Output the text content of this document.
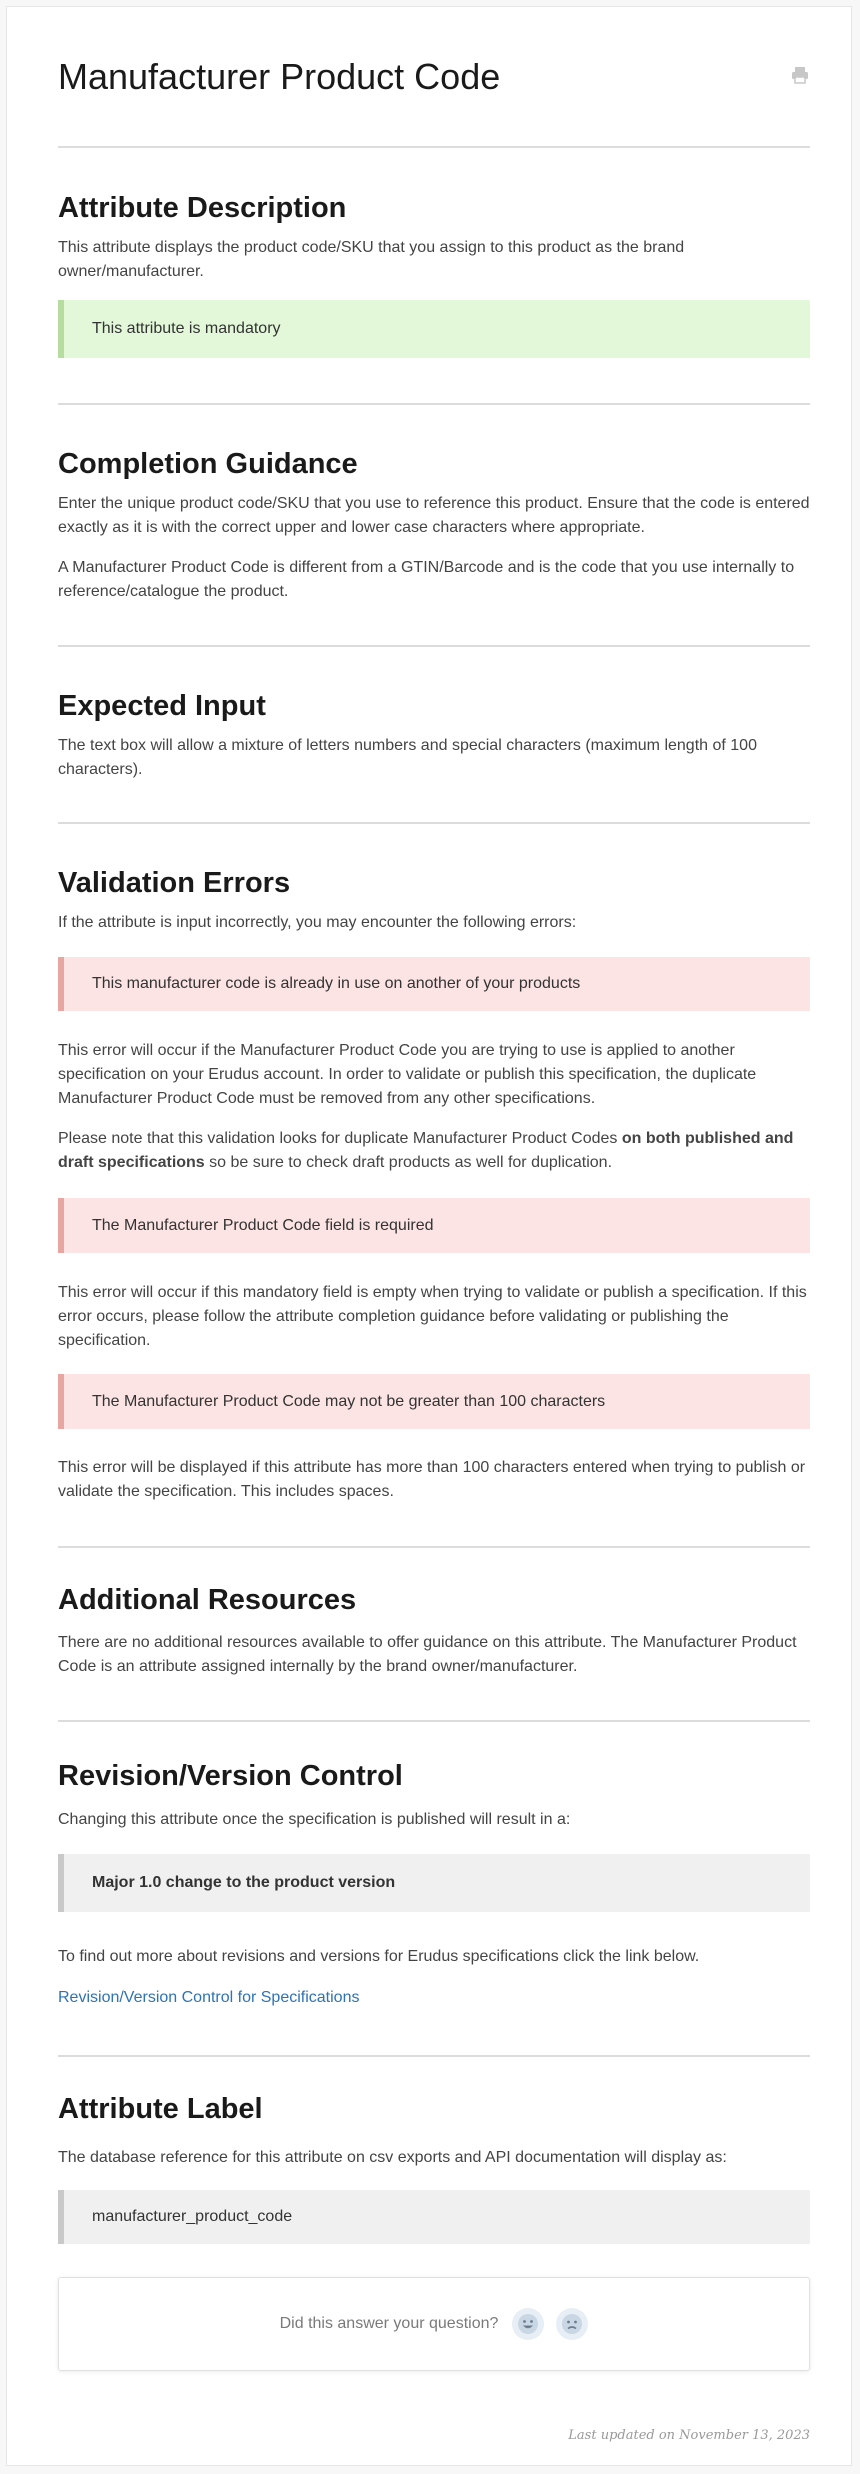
Manufacturer Product Code
Attribute Description

This attribute displays the product code/SKU that you assign to this product as the brand owner/manufacturer.

This attribute is mandatory
Completion Guidance

Enter the unique product code/SKU that you use to reference this product. Ensure that the code is entered exactly as it is with the correct upper and lower case characters where appropriate.

A Manufacturer Product Code is different from a GTIN/Barcode and is the code that you use internally to reference/catalogue the product.

Expected Input

The text box will allow a mixture of letters numbers and special characters (maximum length of 100 characters).

Validation Errors

If the attribute is input incorrectly, you may encounter the following errors:

This manufacturer code is already in use on another of your products

This error will occur if the Manufacturer Product Code you are trying to use is applied to another specification on your Erudus account. In order to validate or publish this specification, the duplicate Manufacturer Product Code must be removed from any other specifications.

Please note that this validation looks for duplicate Manufacturer Product Codes on both published and draft specifications so be sure to check draft products as well for duplication.

The Manufacturer Product Code field is required

This error will occur if this mandatory field is empty when trying to validate or publish a specification. If this error occurs, please follow the attribute completion guidance before validating or publishing the specification.

The Manufacturer Product Code may not be greater than 100 characters

This error will be displayed if this attribute has more than 100 characters entered when trying to publish or validate the specification. This includes spaces.

Additional Resources

There are no additional resources available to offer guidance on this attribute. The Manufacturer Product Code is an attribute assigned internally by the brand owner/manufacturer.

Revision/Version Control

Changing this attribute once the specification is published will result in a:

Major 1.0 change to the product version

To find out more about revisions and versions for Erudus specifications click the link below.

Revision/Version Control for Specifications
Attribute Label

The database reference for this attribute on csv exports and API documentation will display as:

manufacturer_product_code
Did this answer your question?
Last updated on November 13, 2023
